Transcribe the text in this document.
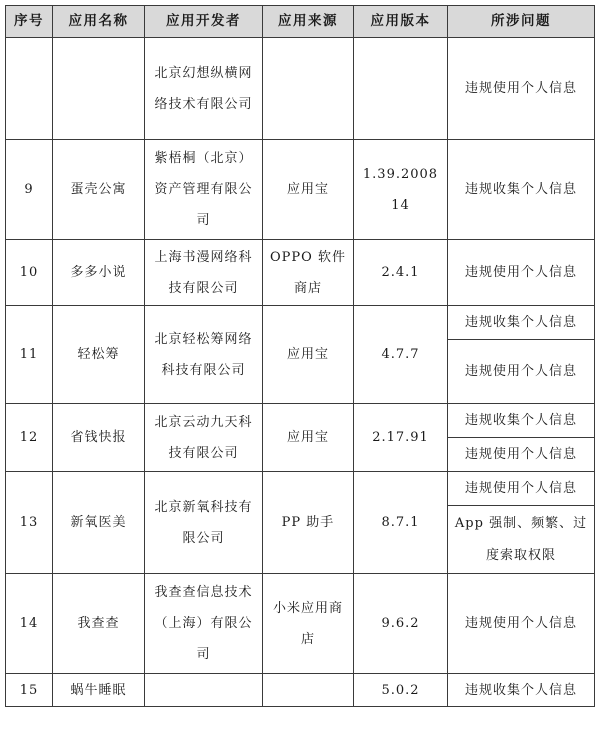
序号	应用名称	应用开发者	应用来源	应用版本	所涉问题
		北京幻想纵横网络技术有限公司			违规使用个人信息
9	蛋壳公寓	紫梧桐（北京）资产管理有限公司	应用宝	1.39.200814	违规收集个人信息
10	多多小说	上海书漫网络科技有限公司	OPPO 软件商店	2.4.1	违规使用个人信息
11	轻松筹	北京轻松筹网络科技有限公司	应用宝	4.7.7	违规收集个人信息
					违规使用个人信息
12	省钱快报	北京云动九天科技有限公司	应用宝	2.17.91	违规收集个人信息
					违规使用个人信息
13	新氧医美	北京新氧科技有限公司	PP 助手	8.7.1	违规使用个人信息
					App 强制、频繁、过度索取权限
14	我查查	我查查信息技术（上海）有限公司	小米应用商店	9.6.2	违规使用个人信息
15	蜗牛睡眠			5.0.2	违规收集个人信息
